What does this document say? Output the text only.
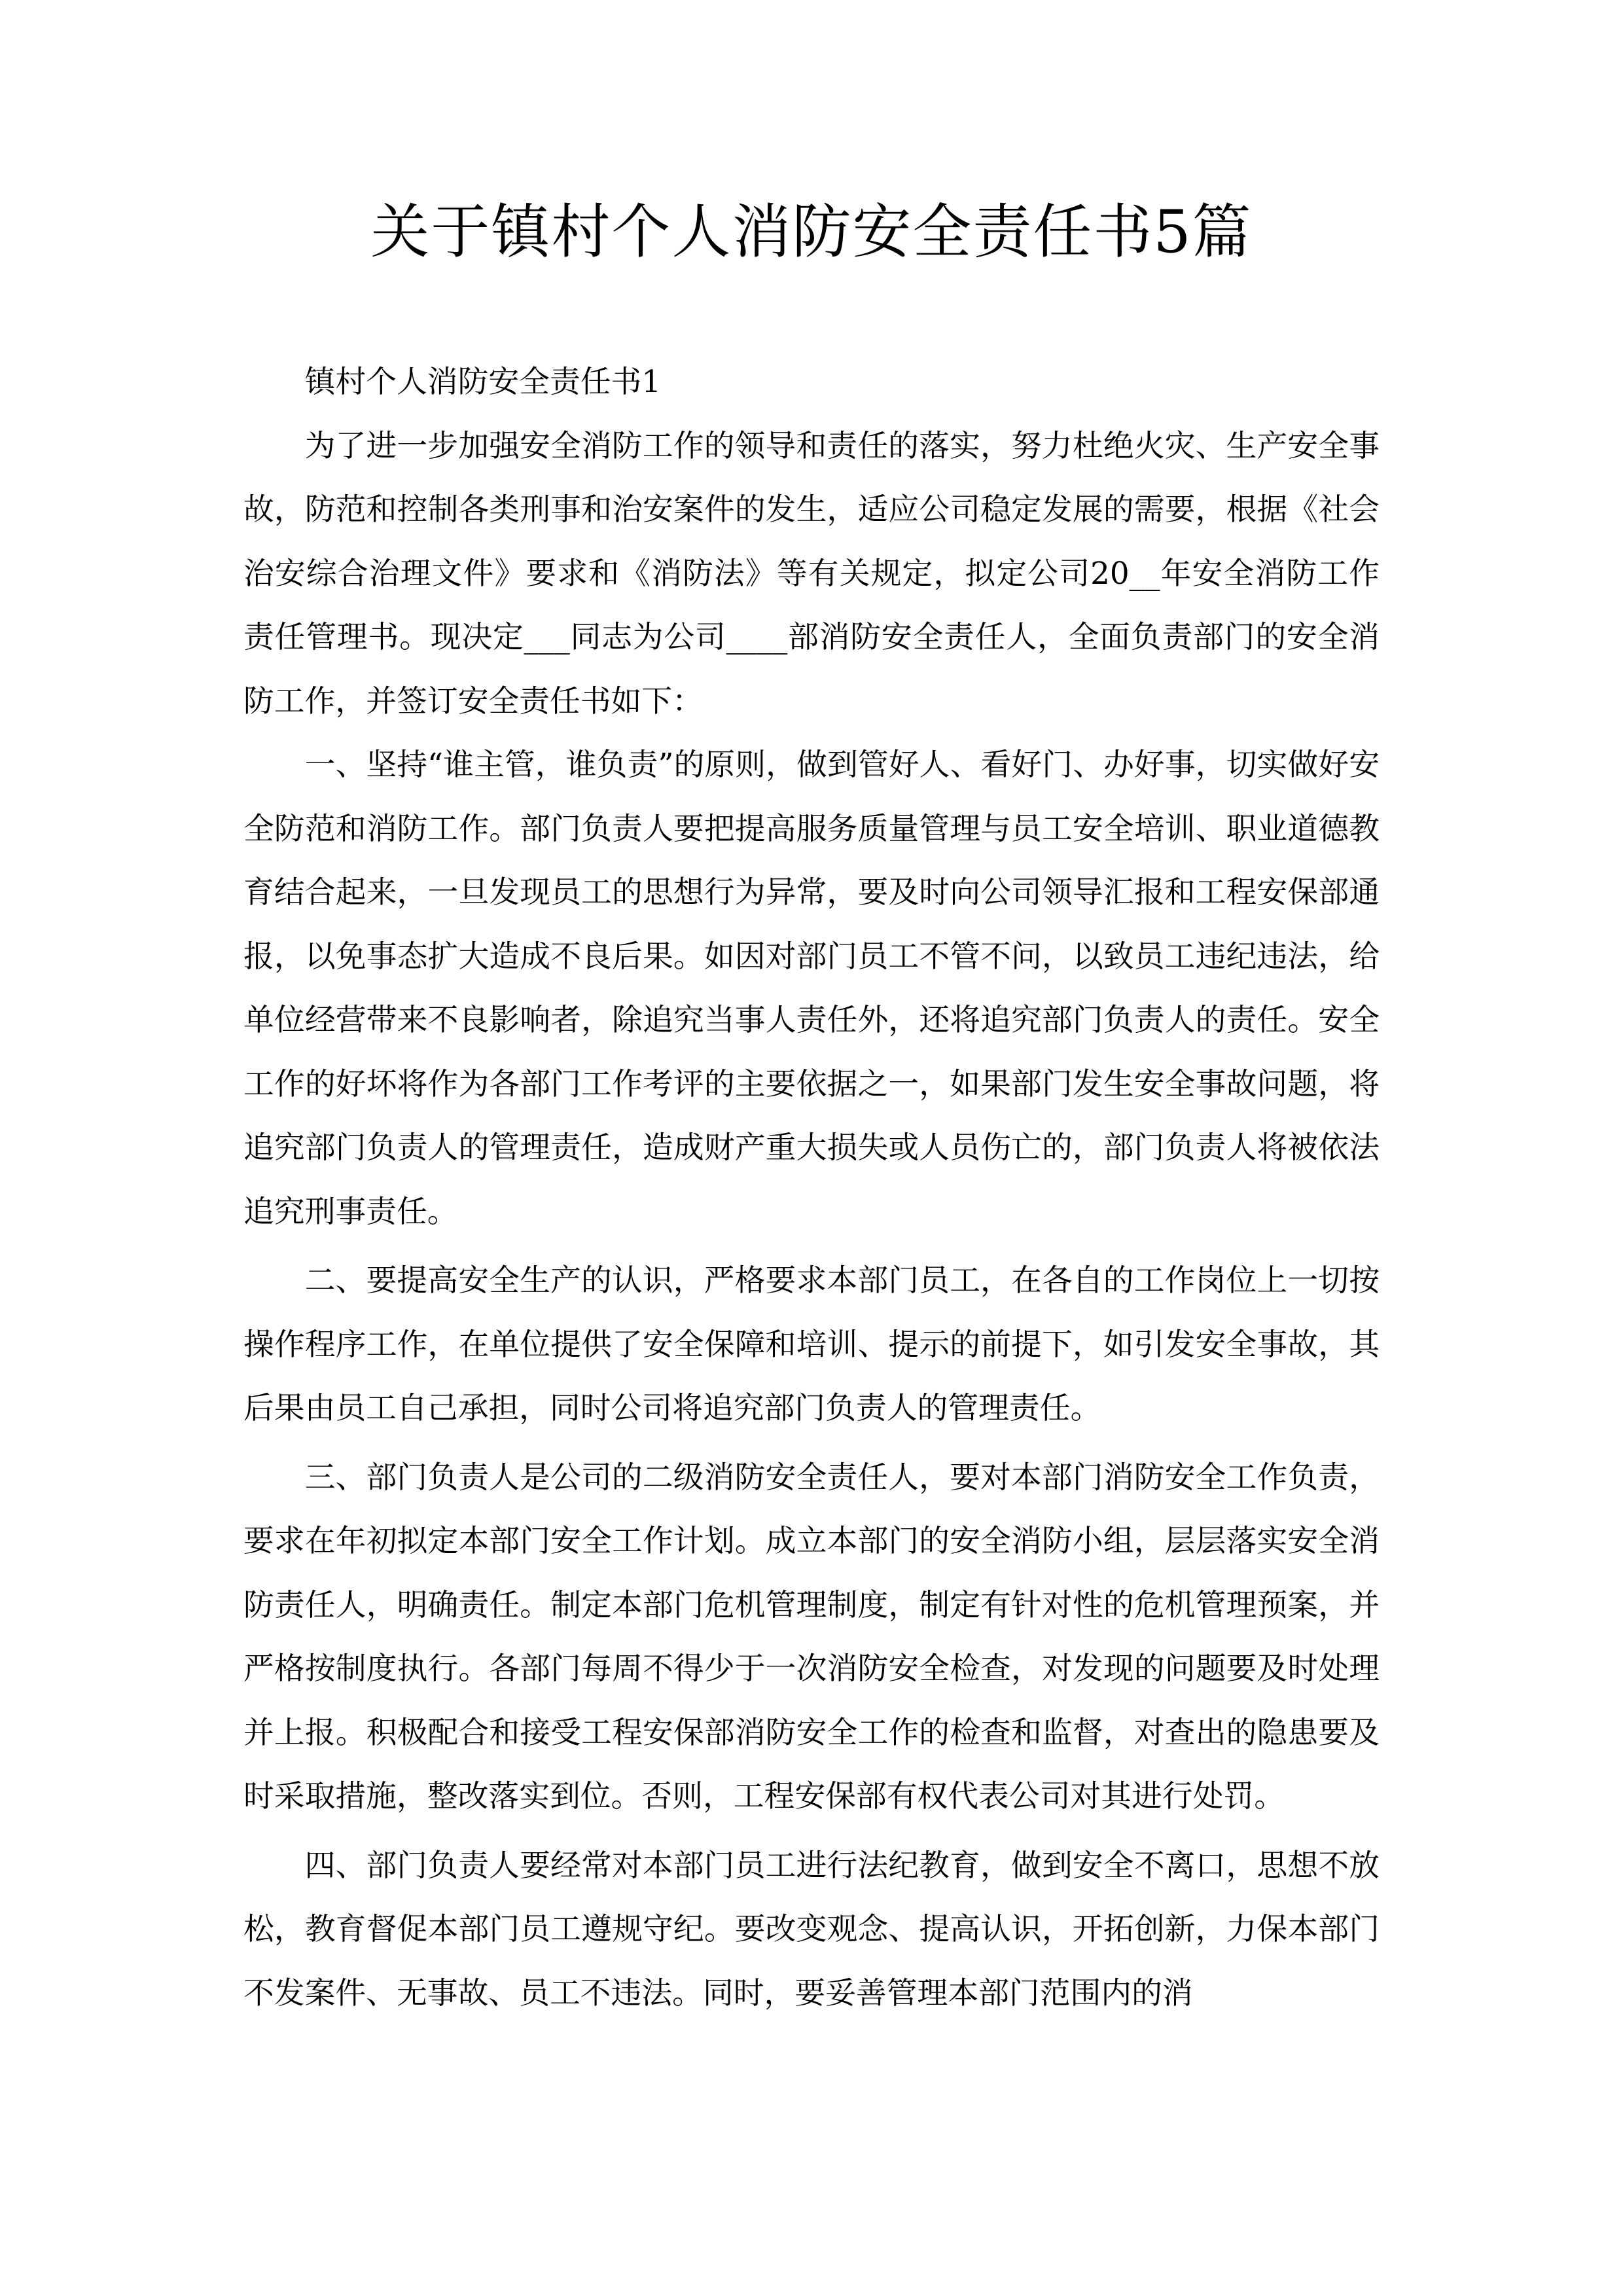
关于镇村个人消防安全责任书5篇

镇村个人消防安全责任书1

为了进一步加强安全消防工作的领导和责任的落实，努力杜绝火灾、生产安全事故，防范和控制各类刑事和治安案件的发生，适应公司稳定发展的需要，根据《社会治安综合治理文件》要求和《消防法》等有关规定，拟定公司20__年安全消防工作责任管理书。现决定___同志为公司____部消防安全责任人，全面负责部门的安全消防工作，并签订安全责任书如下：

一、坚持“谁主管，谁负责”的原则，做到管好人、看好门、办好事，切实做好安全防范和消防工作。部门负责人要把提高服务质量管理与员工安全培训、职业道德教育结合起来，一旦发现员工的思想行为异常，要及时向公司领导汇报和工程安保部通报，以免事态扩大造成不良后果。如因对部门员工不管不问，以致员工违纪违法，给单位经营带来不良影响者，除追究当事人责任外，还将追究部门负责人的责任。安全工作的好坏将作为各部门工作考评的主要依据之一，如果部门发生安全事故问题，将追究部门负责人的管理责任，造成财产重大损失或人员伤亡的，部门负责人将被依法追究刑事责任。

二、要提高安全生产的认识，严格要求本部门员工，在各自的工作岗位上一切按操作程序工作，在单位提供了安全保障和培训、提示的前提下，如引发安全事故，其后果由员工自己承担，同时公司将追究部门负责人的管理责任。

三、部门负责人是公司的二级消防安全责任人，要对本部门消防安全工作负责，要求在年初拟定本部门安全工作计划。成立本部门的安全消防小组，层层落实安全消防责任人，明确责任。制定本部门危机管理制度，制定有针对性的危机管理预案，并严格按制度执行。各部门每周不得少于一次消防安全检查，对发现的问题要及时处理并上报。积极配合和接受工程安保部消防安全工作的检查和监督，对查出的隐患要及时采取措施，整改落实到位。否则，工程安保部有权代表公司对其进行处罚。

四、部门负责人要经常对本部门员工进行法纪教育，做到安全不离口，思想不放松，教育督促本部门员工遵规守纪。要改变观念、提高认识，开拓创新，力保本部门不发案件、无事故、员工不违法。同时，要妥善管理本部门范围内的消
